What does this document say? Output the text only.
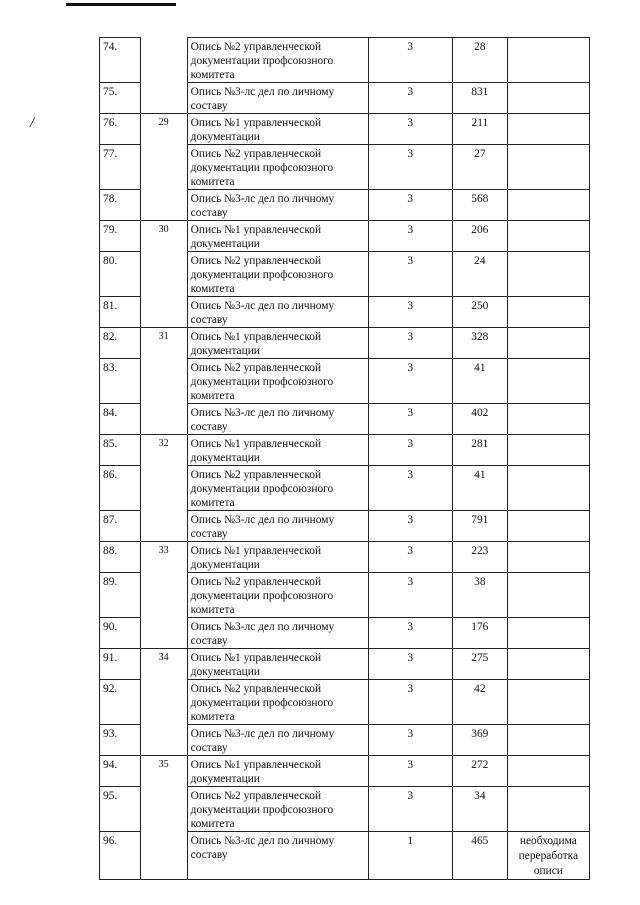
/
74.		Опись №2 управленческой документации профсоюзного комитета	3	28	
75.		Опись №3-лс дел по личному составу	3	831	
76.	29	Опись №1 управленческой документации	3	211	
77.		Опись №2 управленческой документации профсоюзного комитета	3	27	
78.		Опись №3-лс дел по личному составу	3	568	
79.	30	Опись №1 управленческой документации	3	206	
80.		Опись №2 управленческой документации профсоюзного комитета	3	24	
81.		Опись №3-лс дел по личному составу	3	250	
82.	31	Опись №1 управленческой документации	3	328	
83.		Опись №2 управленческой документации профсоюзного комитета	3	41	
84.		Опись №3-лс дел по личному составу	3	402	
85.	32	Опись №1 управленческой документации	3	281	
86.		Опись №2 управленческой документации профсоюзного комитета	3	41	
87.		Опись №3-лс дел по личному составу	3	791	
88.	33	Опись №1 управленческой документации	3	223	
89.		Опись №2 управленческой документации профсоюзного комитета	3	38	
90.		Опись №3-лс дел по личному составу	3	176	
91.	34	Опись №1 управленческой документации	3	275	
92.		Опись №2 управленческой документации профсоюзного комитета	3	42	
93.		Опись №3-лс дел по личному составу	3	369	
94.	35	Опись №1 управленческой документации	3	272	
95.		Опись №2 управленческой документации профсоюзного комитета	3	34	
96.		Опись №3-лс дел по личному составу	1	465	необходима переработка описи
